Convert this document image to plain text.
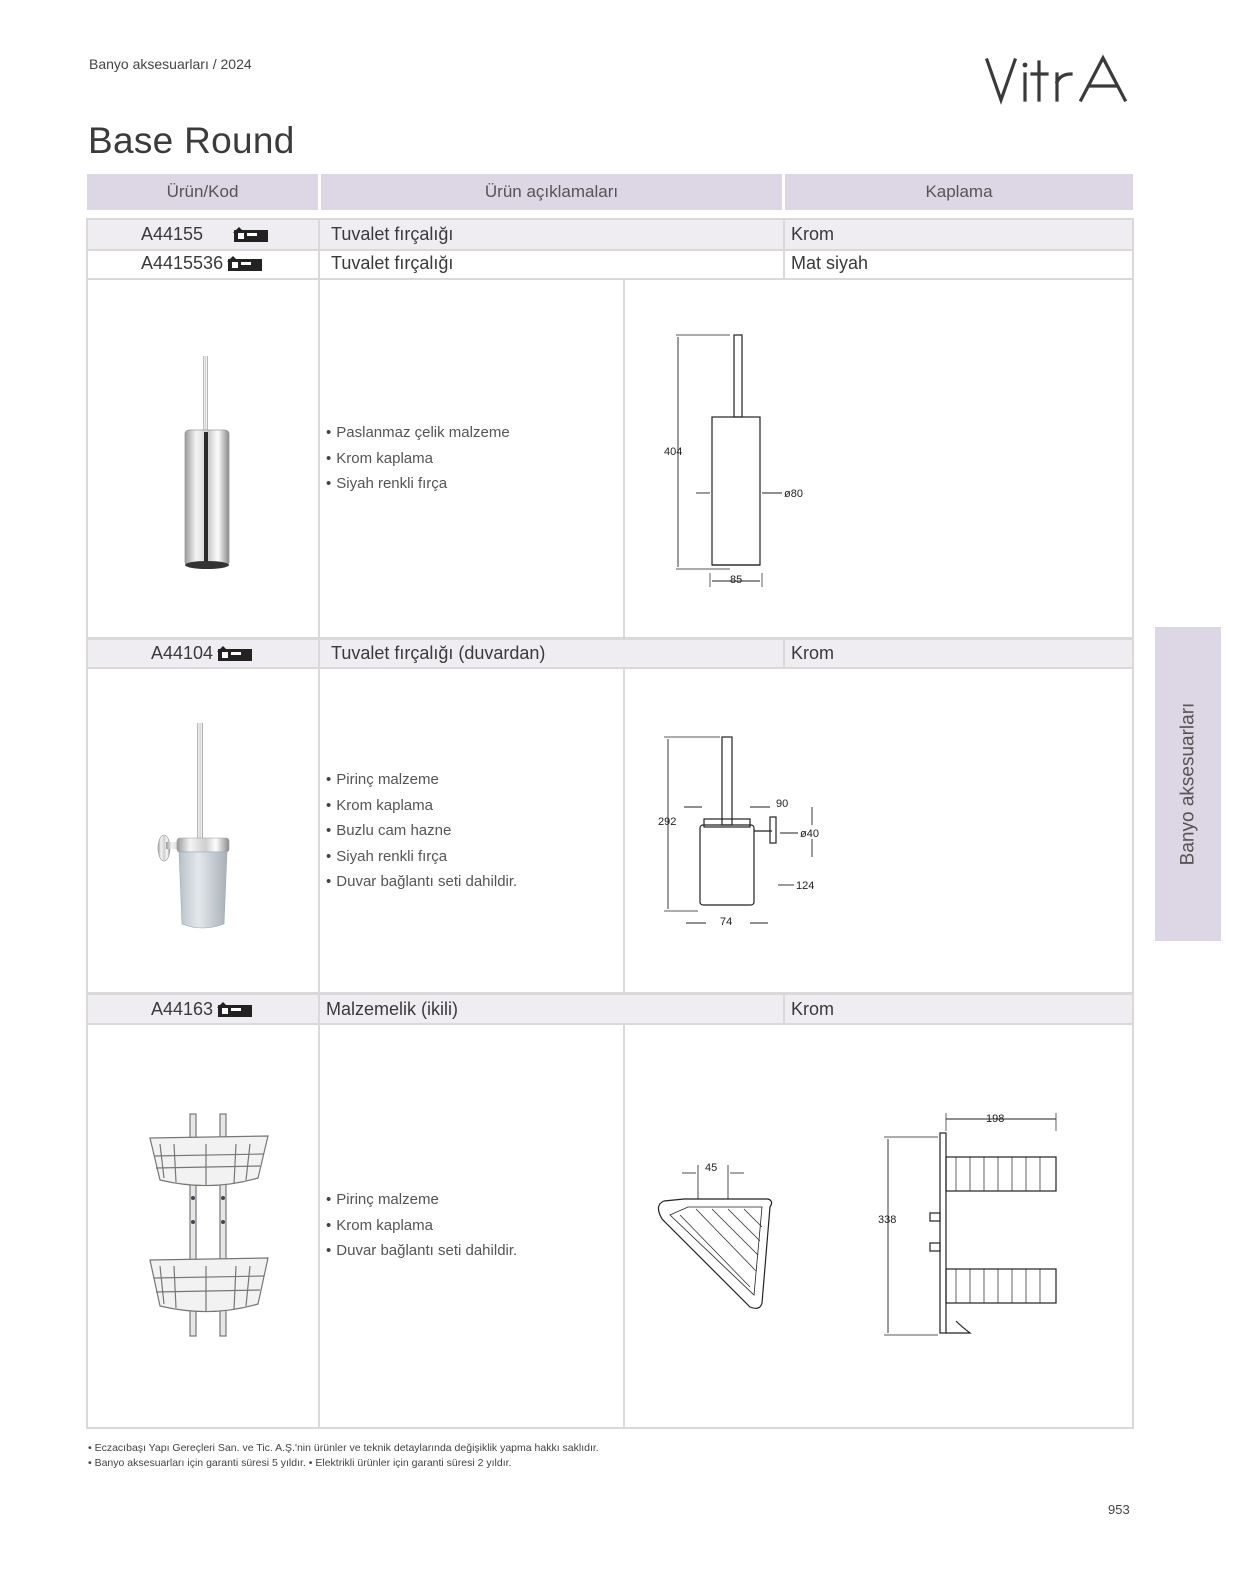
Banyo aksesuarları / 2024
Base Round
Ürün/Kod	Ürün açıklamaları	Kaplama
A44155	Tuvalet fırçalığı	Krom
A4415536	Tuvalet fırçalığı	Mat siyah
• Paslanmaz çelik malzeme
• Krom kaplama
• Siyah renkli fırça
404
ø80
85
A44104	Tuvalet fırçalığı (duvardan)	Krom
• Pirinç malzeme
• Krom kaplama
• Buzlu cam hazne
• Siyah renkli fırça
• Duvar bağlantı seti dahildir.
292
90
ø40
124
74
A44163	Malzemelik (ikili)	Krom
• Pirinç malzeme
• Krom kaplama
• Duvar bağlantı seti dahildir.
45
198
338
Banyo aksesuarları
• Eczacıbaşı Yapı Gereçleri San. ve Tic. A.Ş.'nin ürünler ve teknik detaylarında değişiklik yapma hakkı saklıdır.
• Banyo aksesuarları için garanti süresi 5 yıldır. • Elektrikli ürünler için garanti süresi 2 yıldır.
953
